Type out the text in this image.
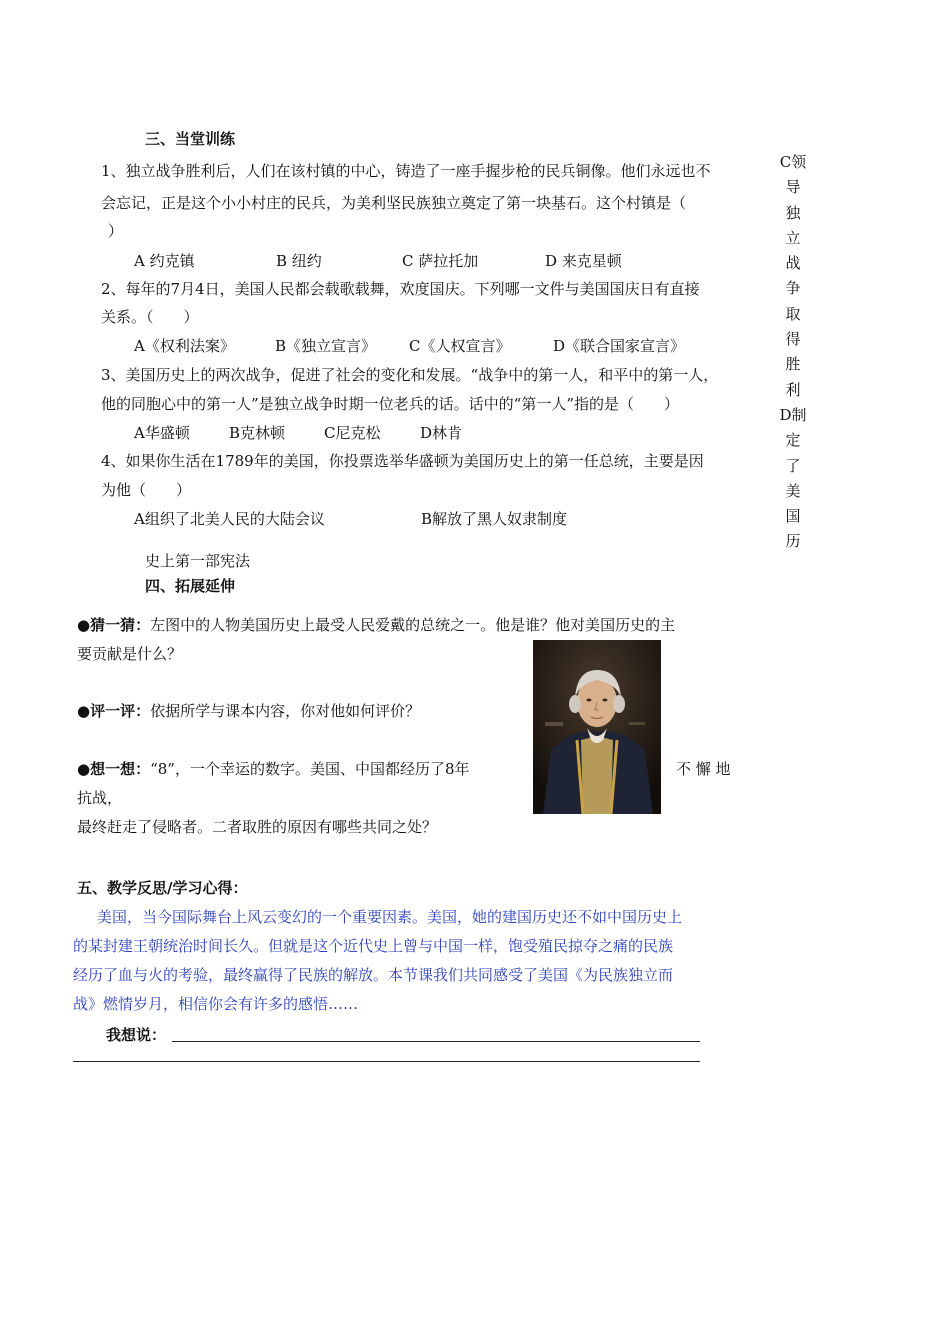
三、当堂训练
1、独立战争胜利后，人们在该村镇的中心，铸造了一座手握步枪的民兵铜像。他们永远也不
会忘记，正是这个小小村庄的民兵，为美利坚民族独立奠定了第一块基石。这个村镇是（
）
A 约克镇	B 纽约	C 萨拉托加	D 来克星顿
2、每年的7月4日，美国人民都会载歌载舞，欢度国庆。下列哪一文件与美国国庆日有直接
关系。（　　）
A《权利法案》	B《独立宣言》 C《人权宣言》	D《联合国家宣言》
3、美国历史上的两次战争，促进了社会的变化和发展。“战争中的第一人，和平中的第一人，
他的同胞心中的第一人”是独立战争时期一位老兵的话。话中的“第一人”指的是（　　）
A华盛顿	B克林顿	C尼克松	D林肯
4、如果你生活在1789年的美国，你投票选举华盛顿为美国历史上的第一任总统，主要是因
为他（　　）
A组织了北美人民的大陆会议	B解放了黑人奴隶制度
史上第一部宪法
C领
导
独
立
战
争
取
得
胜
利
D制
定
了
美
国
历
四、拓展延伸
●猜一猜：左图中的人物美国历史上最受人民爱戴的总统之一。他是谁？他对美国历史的主
要贡献是什么？
●评一评：依据所学与课本内容，你对他如何评价？
●想一想：“8”，一个幸运的数字。美国、中国都经历了8年	不 懈 地
抗战，
最终赶走了侵略者。二者取胜的原因有哪些共同之处？
五、教学反思/学习心得：
美国，当今国际舞台上风云变幻的一个重要因素。美国，她的建国历史还不如中国历史上
的某封建王朝统治时间长久。但就是这个近代史上曾与中国一样，饱受殖民掠夺之痛的民族
经历了血与火的考验，最终赢得了民族的解放。本节课我们共同感受了美国《为民族独立而
战》燃情岁月，相信你会有许多的感悟……
我想说：
